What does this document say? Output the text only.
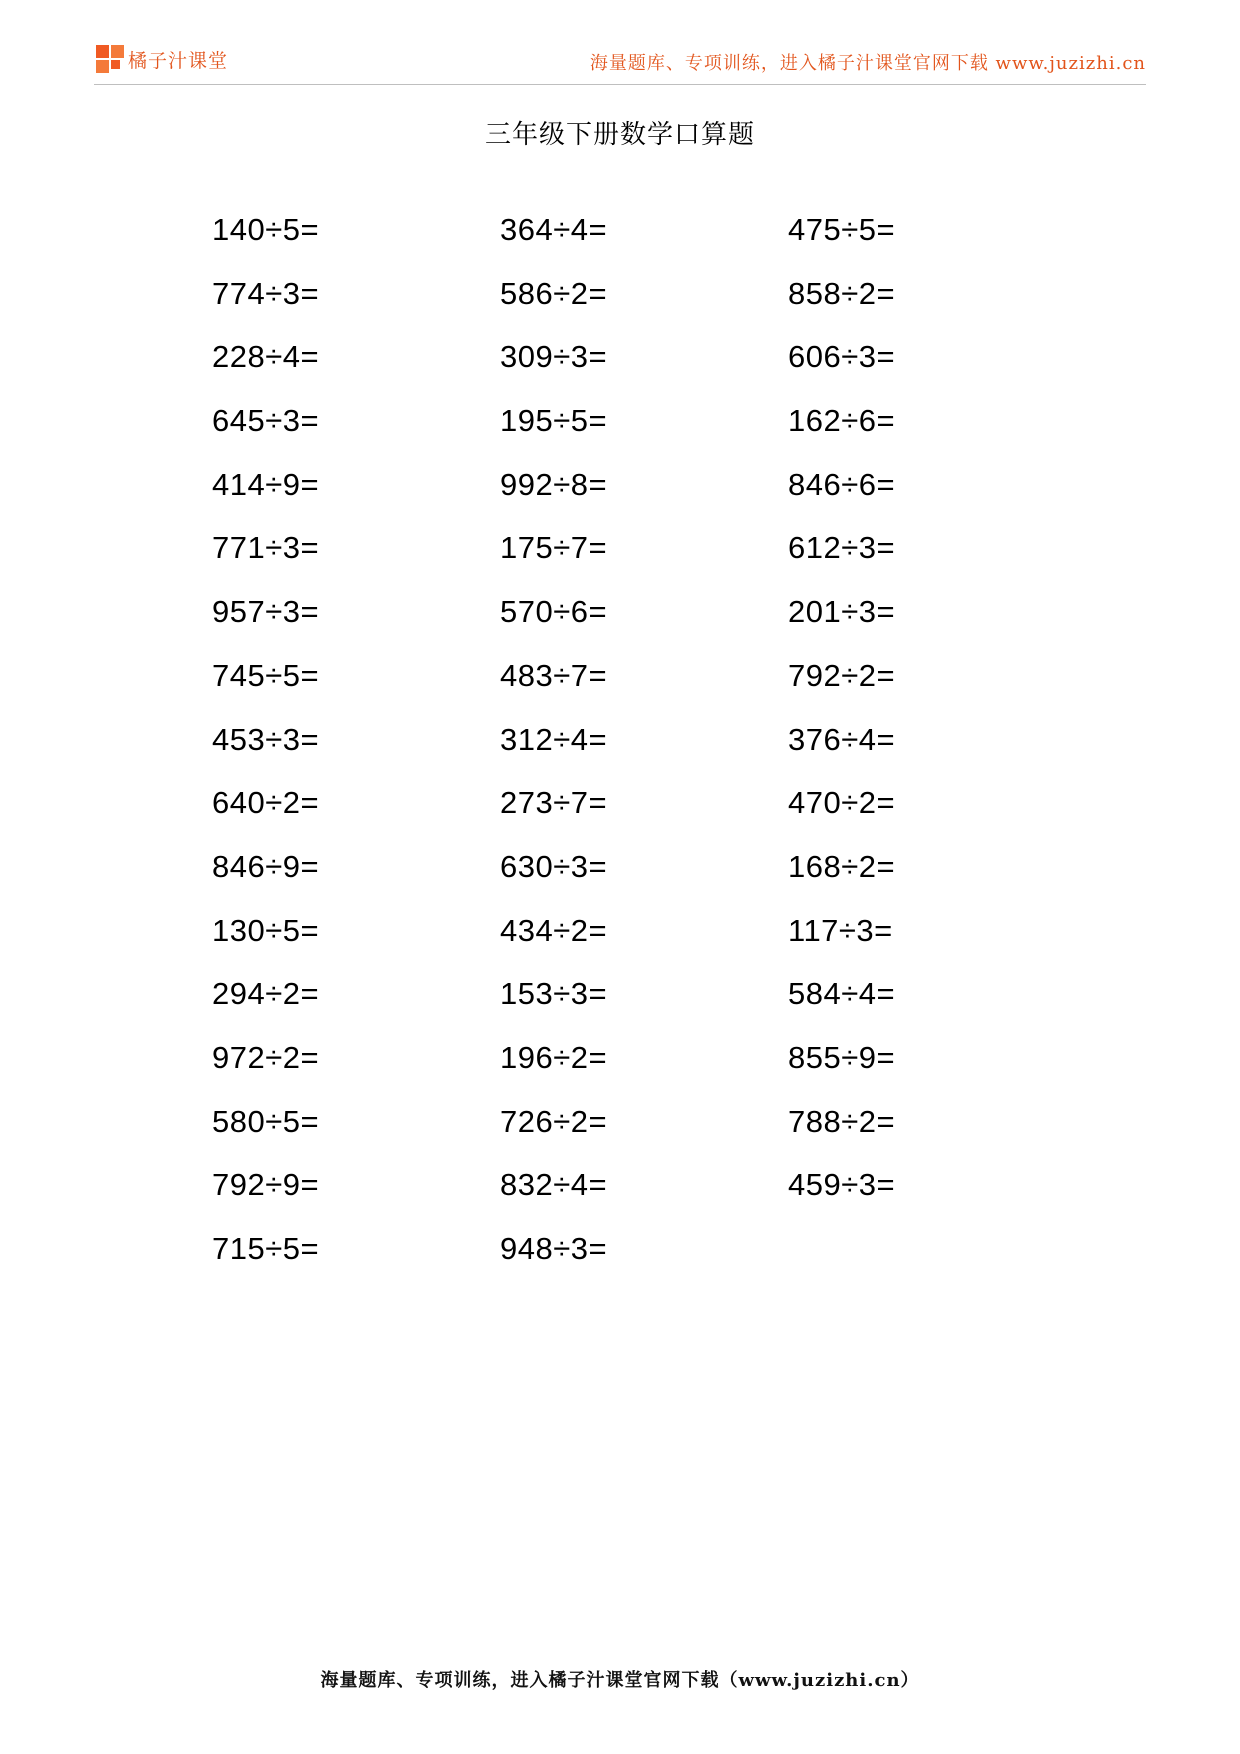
橘子汁课堂	海量题库、专项训练，进入橘子汁课堂官网下载 www.juzizhi.cn
三年级下册数学口算题
140÷5=	364÷4=	475÷5=
774÷3=	586÷2=	858÷2=
228÷4=	309÷3=	606÷3=
645÷3=	195÷5=	162÷6=
414÷9=	992÷8=	846÷6=
771÷3=	175÷7=	612÷3=
957÷3=	570÷6=	201÷3=
745÷5=	483÷7=	792÷2=
453÷3=	312÷4=	376÷4=
640÷2=	273÷7=	470÷2=
846÷9=	630÷3=	168÷2=
130÷5=	434÷2=	117÷3=
294÷2=	153÷3=	584÷4=
972÷2=	196÷2=	855÷9=
580÷5=	726÷2=	788÷2=
792÷9=	832÷4=	459÷3=
715÷5=	948÷3=
海量题库、专项训练，进入橘子汁课堂官网下载（www.juzizhi.cn）
